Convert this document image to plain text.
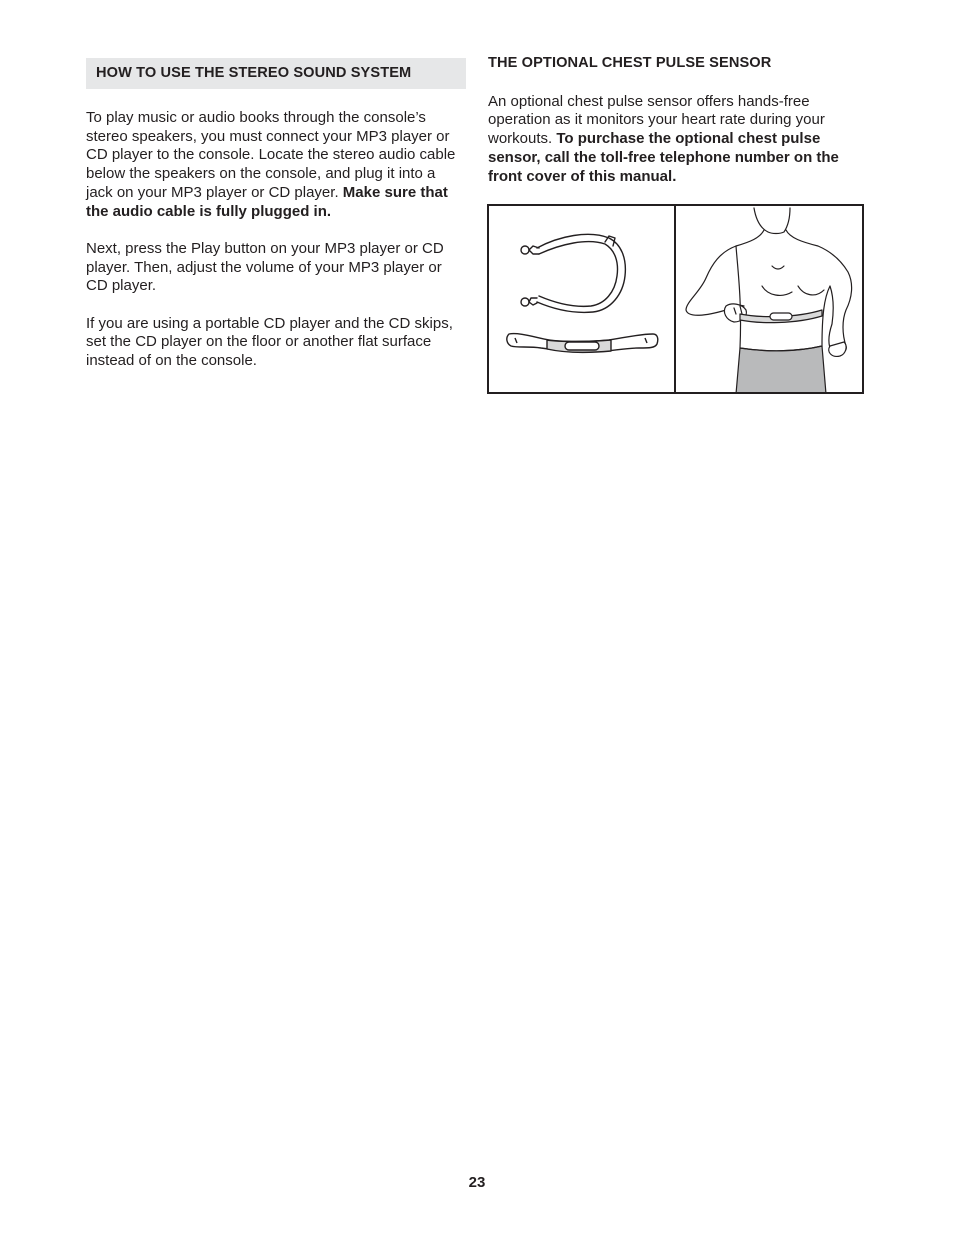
HOW TO USE THE STEREO SOUND SYSTEM

To play music or audio books through the console’s stereo speakers, you must connect your MP3 player or CD player to the console. Locate the stereo audio cable below the speakers on the console, and plug it into a jack on your MP3 player or CD player. Make sure that the audio cable is fully plugged in.

Next, press the Play button on your MP3 player or CD player. Then, adjust the volume of your MP3 player or CD player.

If you are using a portable CD player and the CD skips, set the CD player on the floor or another flat surface instead of on the console.

THE OPTIONAL CHEST PULSE SENSOR

An optional chest pulse sensor offers hands-free operation as it monitors your heart rate during your workouts. To purchase the optional chest pulse sensor, call the toll-free telephone number on the front cover of this manual.

23
